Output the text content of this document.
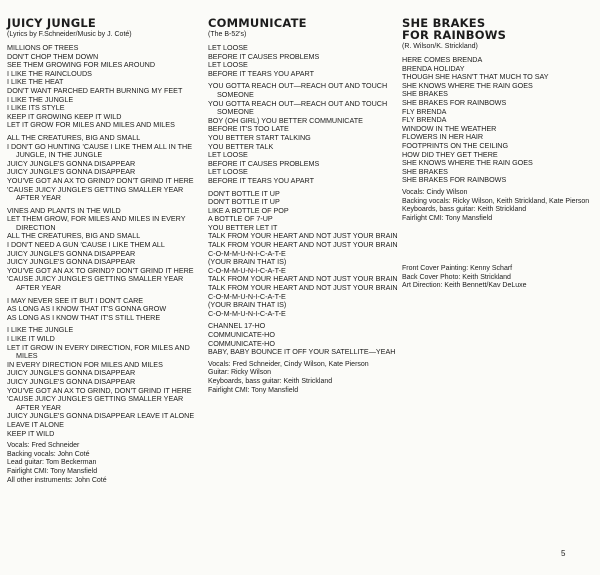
JUICY JUNGLE
(Lyrics by F.Schneider/Music by J. Coté)
MILLIONS OF TREES
DON'T CHOP THEM DOWN
SEE THEM GROWING FOR MILES AROUND
I LIKE THE RAINCLOUDS
I LIKE THE HEAT
DON'T WANT PARCHED EARTH BURNING MY FEET
I LIKE THE JUNGLE
I LIKE ITS STYLE
KEEP IT GROWING KEEP IT WILD
LET IT GROW FOR MILES AND MILES AND MILES
ALL THE CREATURES, BIG AND SMALL
I DON'T GO HUNTING 'CAUSE I LIKE THEM ALL IN THE JUNGLE, IN THE JUNGLE
JUICY JUNGLE'S GONNA DISAPPEAR
JUICY JUNGLE'S GONNA DISAPPEAR
YOU'VE GOT AN AX TO GRIND? DON'T GRIND IT HERE
'CAUSE JUICY JUNGLE'S GETTING SMALLER YEAR AFTER YEAR
VINES AND PLANTS IN THE WILD
LET THEM GROW, FOR MILES AND MILES IN EVERY DIRECTION
ALL THE CREATURES, BIG AND SMALL
I DON'T NEED A GUN 'CAUSE I LIKE THEM ALL
JUICY JUNGLE'S GONNA DISAPPEAR
JUICY JUNGLE'S GONNA DISAPPEAR
YOU'VE GOT AN AX TO GRIND? DON'T GRIND IT HERE
'CAUSE JUICY JUNGLE'S GETTING SMALLER YEAR AFTER YEAR
I MAY NEVER SEE IT BUT I DON'T CARE
AS LONG AS I KNOW THAT IT'S GONNA GROW
AS LONG AS I KNOW THAT IT'S STILL THERE
I LIKE THE JUNGLE
I LIKE IT WILD
LET IT GROW IN EVERY DIRECTION, FOR MILES AND MILES
IN EVERY DIRECTION FOR MILES AND MILES
JUICY JUNGLE'S GONNA DISAPPEAR
JUICY JUNGLE'S GONNA DISAPPEAR
YOU'VE GOT AN AX TO GRIND, DON'T GRIND IT HERE
'CAUSE JUICY JUNGLE'S GETTING SMALLER YEAR AFTER YEAR
JUICY JUNGLE'S GONNA DISAPPEAR LEAVE IT ALONE
LEAVE IT ALONE
KEEP IT WILD
Vocals: Fred Schneider
Backing vocals: John Coté
Lead guitar: Tom Beckerman
Fairlight CMI: Tony Mansfield
All other instruments: John Coté
COMMUNICATE
(The B-52's)
LET LOOSE
BEFORE IT CAUSES PROBLEMS
LET LOOSE
BEFORE IT TEARS YOU APART
YOU GOTTA REACH OUT—REACH OUT AND TOUCH SOMEONE
YOU GOTTA REACH OUT—REACH OUT AND TOUCH SOMEONE
BOY (OH GIRL) YOU BETTER COMMUNICATE
BEFORE IT'S TOO LATE
YOU BETTER START TALKING
YOU BETTER TALK
LET LOOSE
BEFORE IT CAUSES PROBLEMS
LET LOOSE
BEFORE IT TEARS YOU APART
DON'T BOTTLE IT UP
DON'T BOTTLE IT UP
LIKE A BOTTLE OF POP
A BOTTLE OF 7-UP
YOU BETTER LET IT
TALK FROM YOUR HEART AND NOT JUST YOUR BRAIN
TALK FROM YOUR HEART AND NOT JUST YOUR BRAIN
C-O-M-M-U-N-I-C-A-T-E
(YOUR BRAIN THAT IS)
C-O-M-M-U-N-I-C-A-T-E
TALK FROM YOUR HEART AND NOT JUST YOUR BRAIN
TALK FROM YOUR HEART AND NOT JUST YOUR BRAIN
C-O-M-M-U-N-I-C-A-T-E
(YOUR BRAIN THAT IS)
C-O-M-M-U-N-I-C-A-T-E
CHANNEL 17-HO
COMMUNICATE-HO
COMMUNICATE-HO
BABY, BABY BOUNCE IT OFF YOUR SATELLITE—YEAH
Vocals: Fred Schneider, Cindy Wilson, Kate Pierson
Guitar: Ricky Wilson
Keyboards, bass guitar: Keith Strickland
Fairlight CMI: Tony Mansfield
SHE BRAKES
FOR RAINBOWS
(R. Wilson/K. Strickland)
HERE COMES BRENDA
BRENDA HOLIDAY
THOUGH SHE HASN'T THAT MUCH TO SAY
SHE KNOWS WHERE THE RAIN GOES
SHE BRAKES
SHE BRAKES FOR RAINBOWS
FLY BRENDA
FLY BRENDA
WINDOW IN THE WEATHER
FLOWERS IN HER HAIR
FOOTPRINTS ON THE CEILING
HOW DID THEY GET THERE
SHE KNOWS WHERE THE RAIN GOES
SHE BRAKES
SHE BRAKES FOR RAINBOWS
Vocals: Cindy Wilson
Backing vocals: Ricky Wilson, Keith Strickland, Kate Pierson
Keyboards, bass guitar: Keith Strickland
Fairlight CMI: Tony Mansfield
Front Cover Painting: Kenny Scharf
Back Cover Photo: Keith Strickland
Art Direction: Keith Bennett/Kav DeLuxe
5
